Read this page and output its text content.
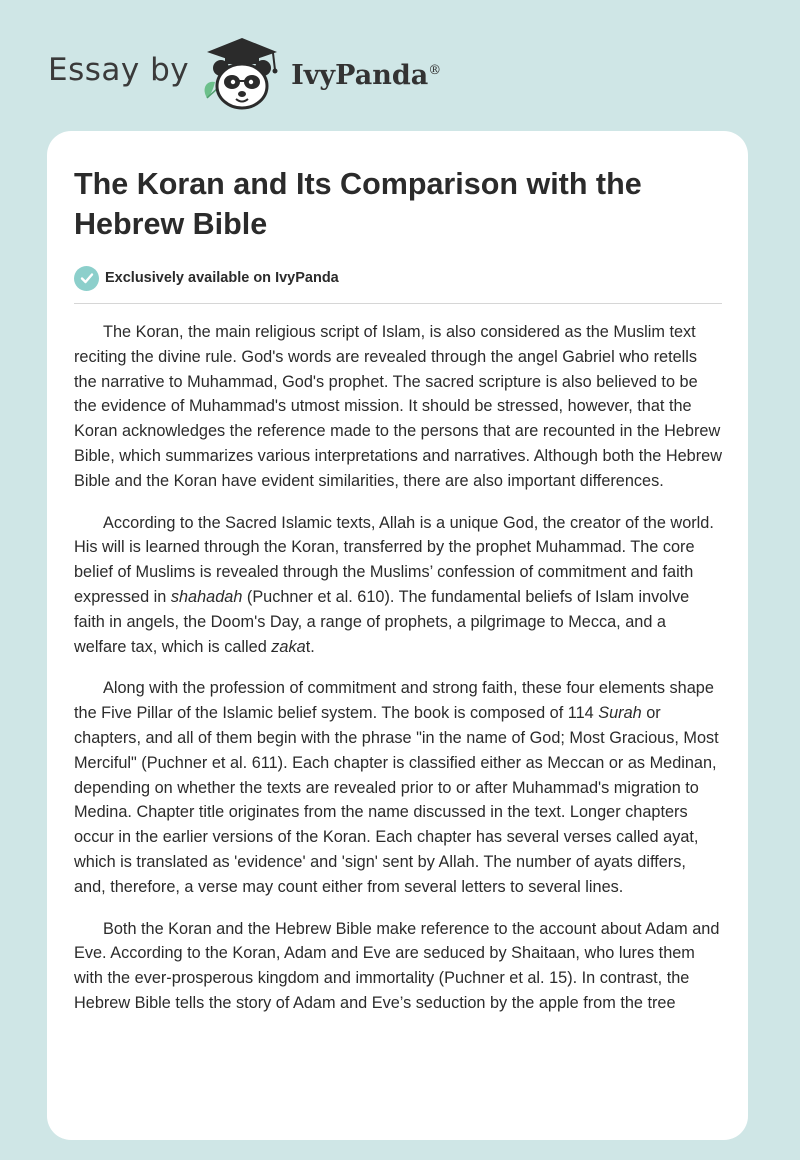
Essay by	IvyPanda®
The Koran and Its Comparison with the Hebrew Bible
Exclusively available on IvyPanda

The Koran, the main religious script of Islam, is also considered as the Muslim text reciting the divine rule. God's words are revealed through the angel Gabriel who retells the narrative to Muhammad, God's prophet. The sacred scripture is also believed to be the evidence of Muhammad's utmost mission. It should be stressed, however, that the Koran acknowledges the reference made to the persons that are recounted in the Hebrew Bible, which summarizes various interpretations and narratives. Although both the Hebrew Bible and the Koran have evident similarities, there are also important differences.

According to the Sacred Islamic texts, Allah is a unique God, the creator of the world. His will is learned through the Koran, transferred by the prophet Muhammad. The core belief of Muslims is revealed through the Muslims’ confession of commitment and faith expressed in shahadah (Puchner et al. 610). The fundamental beliefs of Islam involve faith in angels, the Doom's Day, a range of prophets, a pilgrimage to Mecca, and a welfare tax, which is called zakat.

Along with the profession of commitment and strong faith, these four elements shape the Five Pillar of the Islamic belief system. The book is composed of 114 Surah or chapters, and all of them begin with the phrase "in the name of God; Most Gracious, Most Merciful" (Puchner et al. 611). Each chapter is classified either as Meccan or as Medinan, depending on whether the texts are revealed prior to or after Muhammad's migration to Medina. Chapter title originates from the name discussed in the text. Longer chapters occur in the earlier versions of the Koran. Each chapter has several verses called ayat, which is translated as 'evidence' and 'sign' sent by Allah. The number of ayats differs, and, therefore, a verse may count either from several letters to several lines.

Both the Koran and the Hebrew Bible make reference to the account about Adam and Eve. According to the Koran, Adam and Eve are seduced by Shaitaan, who lures them with the ever-prosperous kingdom and immortality (Puchner et al. 15). In contrast, the Hebrew Bible tells the story of Adam and Eve’s seduction by the apple from the tree
